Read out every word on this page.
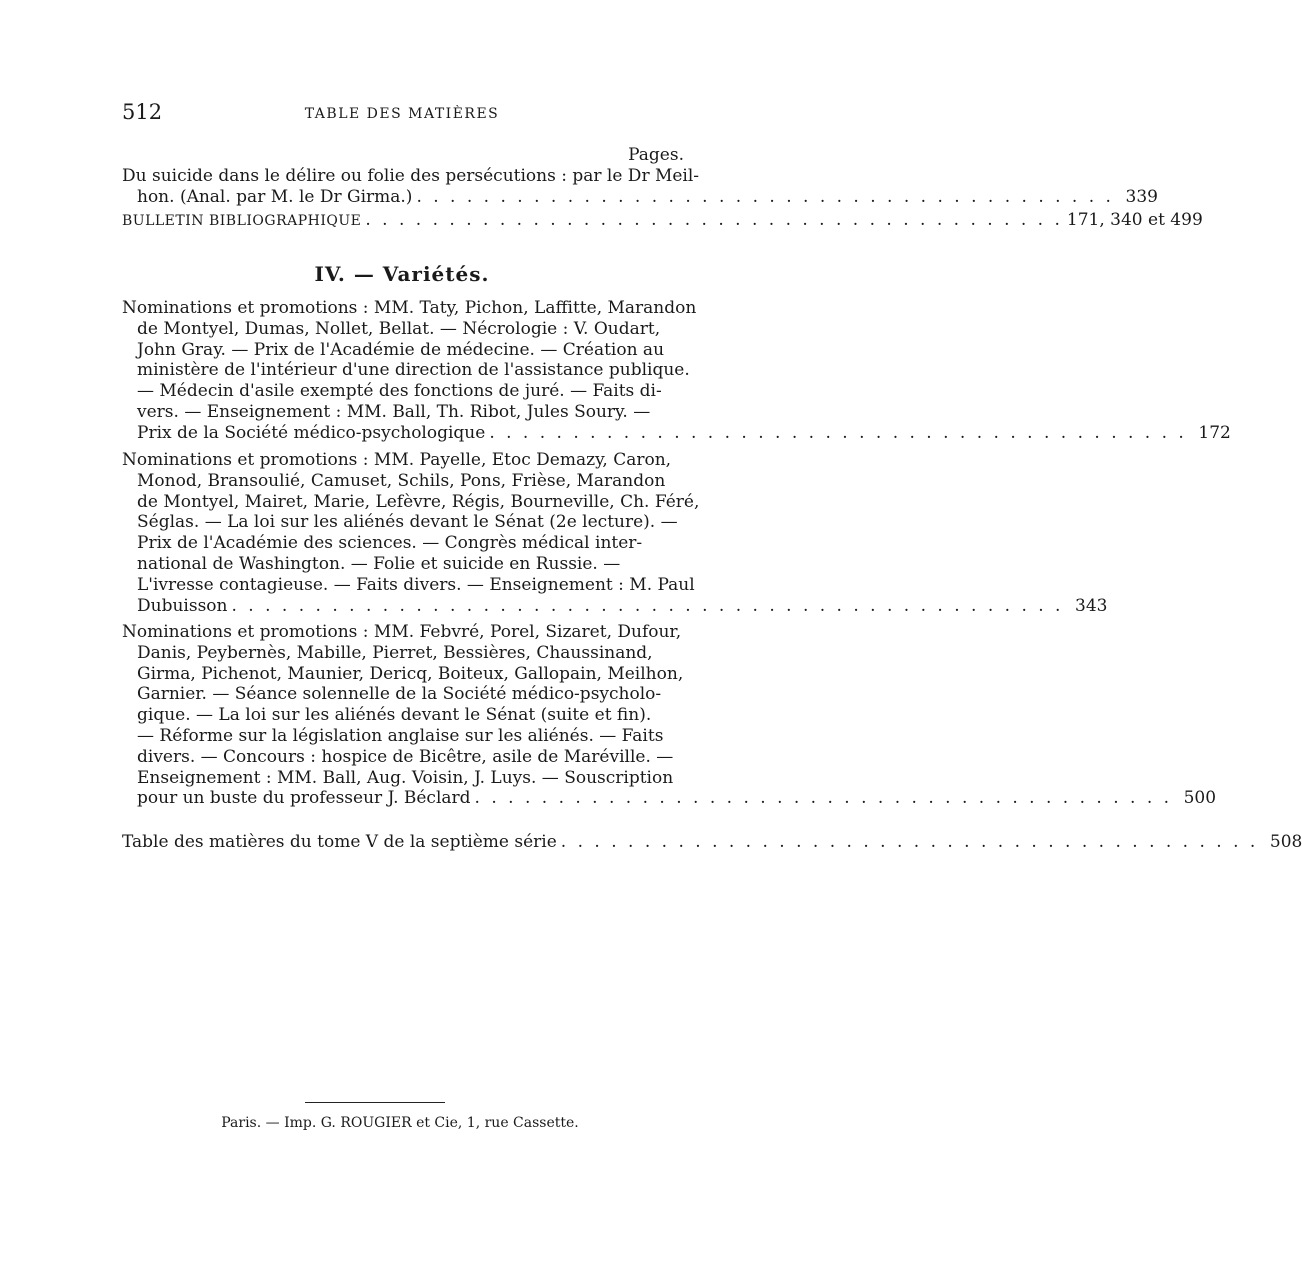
512	TABLE DES MATIÈRES
Pages.
Du suicide dans le délire ou folie des persécutions : par le Dr Meil-
hon. (Anal. par M. le Dr Girma.) . . . . . . . . . . . . . . . . . . . . . . . . . . . . . . . . . . . . . . . . . . 339
BULLETIN BIBLIOGRAPHIQUE . . . . . . . . . . . . . . . . . . . . . . . . . . . . . . . . . . . . . . . . . . 171, 340 et 499
IV. — Variétés.
Nominations et promotions : MM. Taty, Pichon, Laffitte, Marandon
de Montyel, Dumas, Nollet, Bellat. — Nécrologie : V. Oudart,
John Gray. — Prix de l'Académie de médecine. — Création au
ministère de l'intérieur d'une direction de l'assistance publique.
— Médecin d'asile exempté des fonctions de juré. — Faits di-
vers. — Enseignement : MM. Ball, Th. Ribot, Jules Soury. —
Prix de la Société médico-psychologique . . . . . . . . . . . . . . . . . . . . . . . . . . . . . . . . . . . . . . . . . . 172
Nominations et promotions : MM. Payelle, Etoc Demazy, Caron,
Monod, Bransoulié, Camuset, Schils, Pons, Frièse, Marandon
de Montyel, Mairet, Marie, Lefèvre, Régis, Bourneville, Ch. Féré,
Séglas. — La loi sur les aliénés devant le Sénat (2e lecture). —
Prix de l'Académie des sciences. — Congrès médical inter-
national de Washington. — Folie et suicide en Russie. —
L'ivresse contagieuse. — Faits divers. — Enseignement : M. Paul
Dubuisson . . . . . . . . . . . . . . . . . . . . . . . . . . . . . . . . . . . . . . . . . . . . . . . . . . 343
Nominations et promotions : MM. Febvré, Porel, Sizaret, Dufour,
Danis, Peybernès, Mabille, Pierret, Bessières, Chaussinand,
Girma, Pichenot, Maunier, Dericq, Boiteux, Gallopain, Meilhon,
Garnier. — Séance solennelle de la Société médico-psycholo-
gique. — La loi sur les aliénés devant le Sénat (suite et fin).
— Réforme sur la législation anglaise sur les aliénés. — Faits
divers. — Concours : hospice de Bicêtre, asile de Maréville. —
Enseignement : MM. Ball, Aug. Voisin, J. Luys. — Souscription
pour un buste du professeur J. Béclard . . . . . . . . . . . . . . . . . . . . . . . . . . . . . . . . . . . . . . . . . . 500
Table des matières du tome V de la septième série . . . . . . . . . . . . . . . . . . . . . . . . . . . . . . . . . . . . . . . . . . 508
Paris. — Imp. G. ROUGIER et Cie, 1, rue Cassette.
